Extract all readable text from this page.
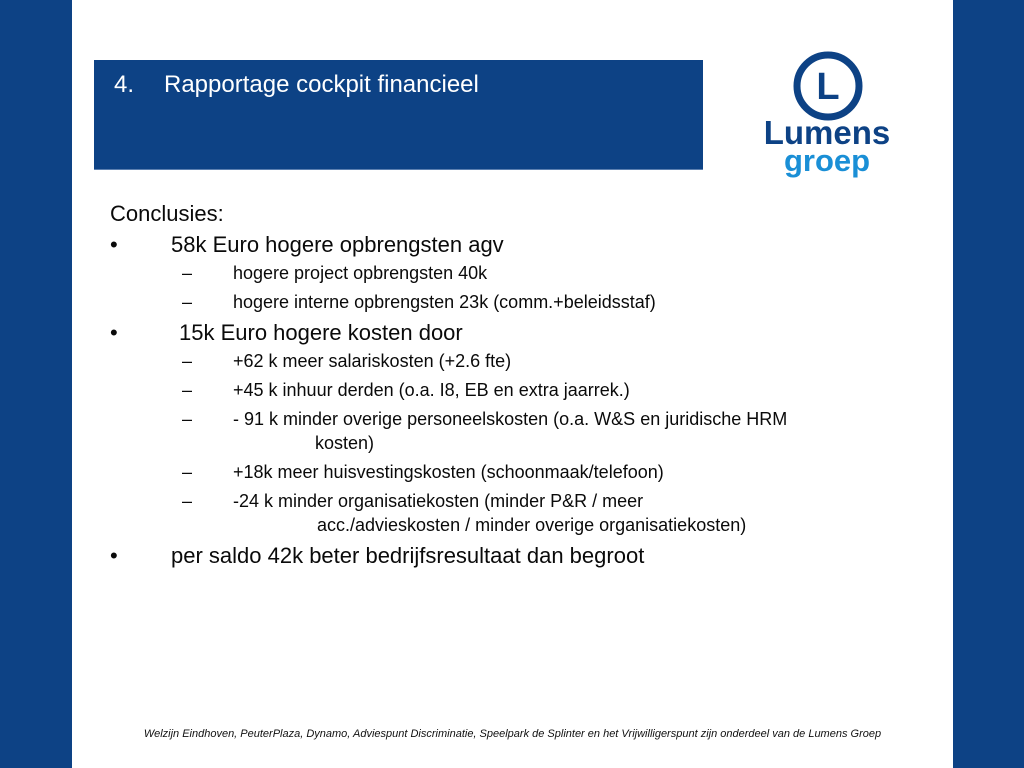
4. Rapportage cockpit financieel	L
Lumens
groep
Conclusies:
•	58k Euro hogere opbrengsten agv
– hogere project opbrengsten 40k
– hogere interne opbrengsten 23k (comm.+beleidsstaf)
•	15k Euro hogere kosten door
– +62 k meer salariskosten (+2.6 fte)
– +45 k inhuur derden (o.a. I8, EB en extra jaarrek.)
– - 91 k minder overige personeelskosten (o.a. W&S en juridische HRM
kosten)
– +18k meer huisvestingskosten (schoonmaak/telefoon)
– -24 k minder organisatiekosten (minder P&R / meer
acc./advieskosten / minder overige organisatiekosten)
•	per saldo 42k beter bedrijfsresultaat dan begroot
Welzijn Eindhoven, PeuterPlaza, Dynamo, Adviespunt Discriminatie, Speelpark de Splinter en het Vrijwilligerspunt zijn onderdeel van de Lumens Groep
